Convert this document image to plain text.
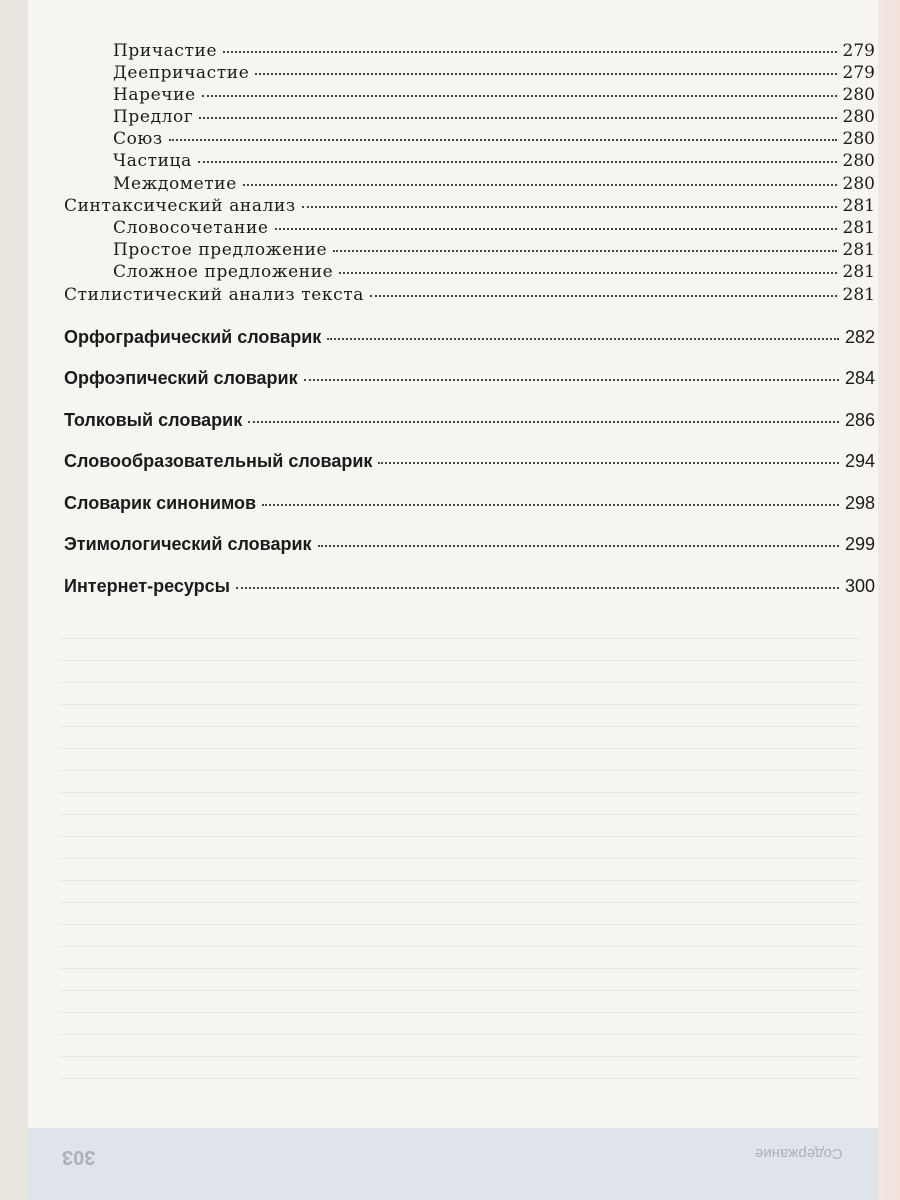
Содержание
303
Причастие	279
Деепричастие	279
Наречие	280
Предлог	280
Союз	280
Частица	280
Междометие	280
Синтаксический анализ	281
Словосочетание	281
Простое предложение	281
Сложное предложение	281
Стилистический анализ текста	281
Орфографический словарик	282
Орфоэпический словарик	284
Толковый словарик	286
Словообразовательный словарик	294
Словарик синонимов	298
Этимологический словарик	299
Интернет-ресурсы	300
